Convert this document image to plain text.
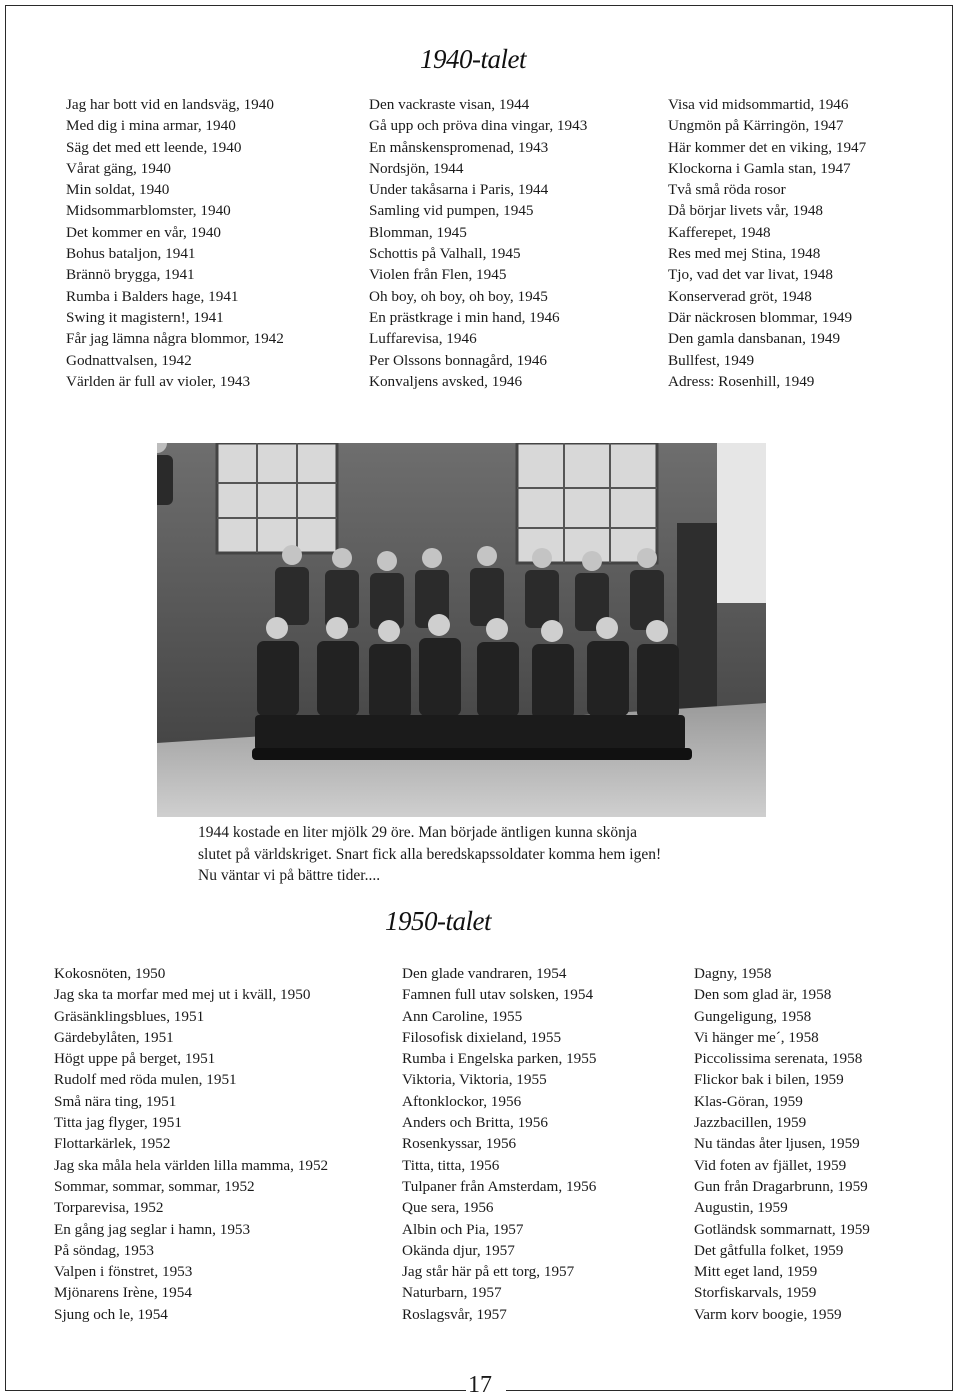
1940-talet
Jag har bott vid en landsväg, 1940
Med dig i mina armar, 1940
Säg det med ett leende, 1940
Vårat gäng, 1940
Min soldat, 1940
Midsommarblomster, 1940
Det kommer en vår, 1940
Bohus bataljon, 1941
Brännö brygga, 1941
Rumba i Balders hage, 1941
Swing it magistern!, 1941
Får jag lämna några blommor, 1942
Godnattvalsen, 1942
Världen är full av violer, 1943
Den vackraste visan, 1944
Gå upp och pröva dina vingar, 1943
En månskenspromenad, 1943
Nordsjön, 1944
Under takåsarna i Paris, 1944
Samling vid pumpen, 1945
Blomman, 1945
Schottis på Valhall, 1945
Violen från Flen, 1945
Oh boy, oh boy, oh boy, 1945
En prästkrage i min hand, 1946
Luffarevisa, 1946
Per Olssons bonnagård, 1946
Konvaljens avsked, 1946
Visa vid midsommartid, 1946
Ungmön på Kärringön, 1947
Här kommer det en viking, 1947
Klockorna i Gamla stan, 1947
Två små röda rosor
Då börjar livets vår, 1948
Kafferepet, 1948
Res med mej Stina, 1948
Tjo, vad det var livat, 1948
Konserverad gröt, 1948
Där näckrosen blommar, 1949
Den gamla dansbanan, 1949
Bullfest, 1949
Adress: Rosenhill, 1949
1944 kostade en liter mjölk 29 öre. Man började äntligen kunna skönja
slutet på världskriget. Snart fick alla beredskapssoldater komma hem igen!
Nu väntar vi på bättre tider....
1950-talet
Kokosnöten, 1950
Jag ska ta morfar med mej ut i kväll, 1950
Gräsänklingsblues, 1951
Gärdebylåten, 1951
Högt uppe på berget, 1951
Rudolf med röda mulen, 1951
Små nära ting, 1951
Titta jag flyger, 1951
Flottarkärlek, 1952
Jag ska måla hela världen lilla mamma, 1952
Sommar, sommar, sommar, 1952
Torparevisa, 1952
En gång jag seglar i hamn, 1953
På söndag, 1953
Valpen i fönstret, 1953
Mjönarens Irène, 1954
Sjung och le, 1954
Den glade vandraren, 1954
Famnen full utav solsken, 1954
Ann Caroline, 1955
Filosofisk dixieland, 1955
Rumba i Engelska parken, 1955
Viktoria, Viktoria, 1955
Aftonklockor, 1956
Anders och Britta, 1956
Rosenkyssar, 1956
Titta, titta, 1956
Tulpaner från Amsterdam, 1956
Que sera, 1956
Albin och Pia, 1957
Okända djur, 1957
Jag står här på ett torg, 1957
Naturbarn, 1957
Roslagsvår, 1957
Dagny, 1958
Den som glad är, 1958
Gungeligung, 1958
Vi hänger me´, 1958
Piccolissima serenata, 1958
Flickor bak i bilen, 1959
Klas-Göran, 1959
Jazzbacillen, 1959
Nu tändas åter ljusen, 1959
Vid foten av fjället, 1959
Gun från Dragarbrunn, 1959
Augustin, 1959
Gotländsk sommarnatt, 1959
Det gåtfulla folket, 1959
Mitt eget land, 1959
Storfiskarvals, 1959
Varm korv boogie, 1959
17
